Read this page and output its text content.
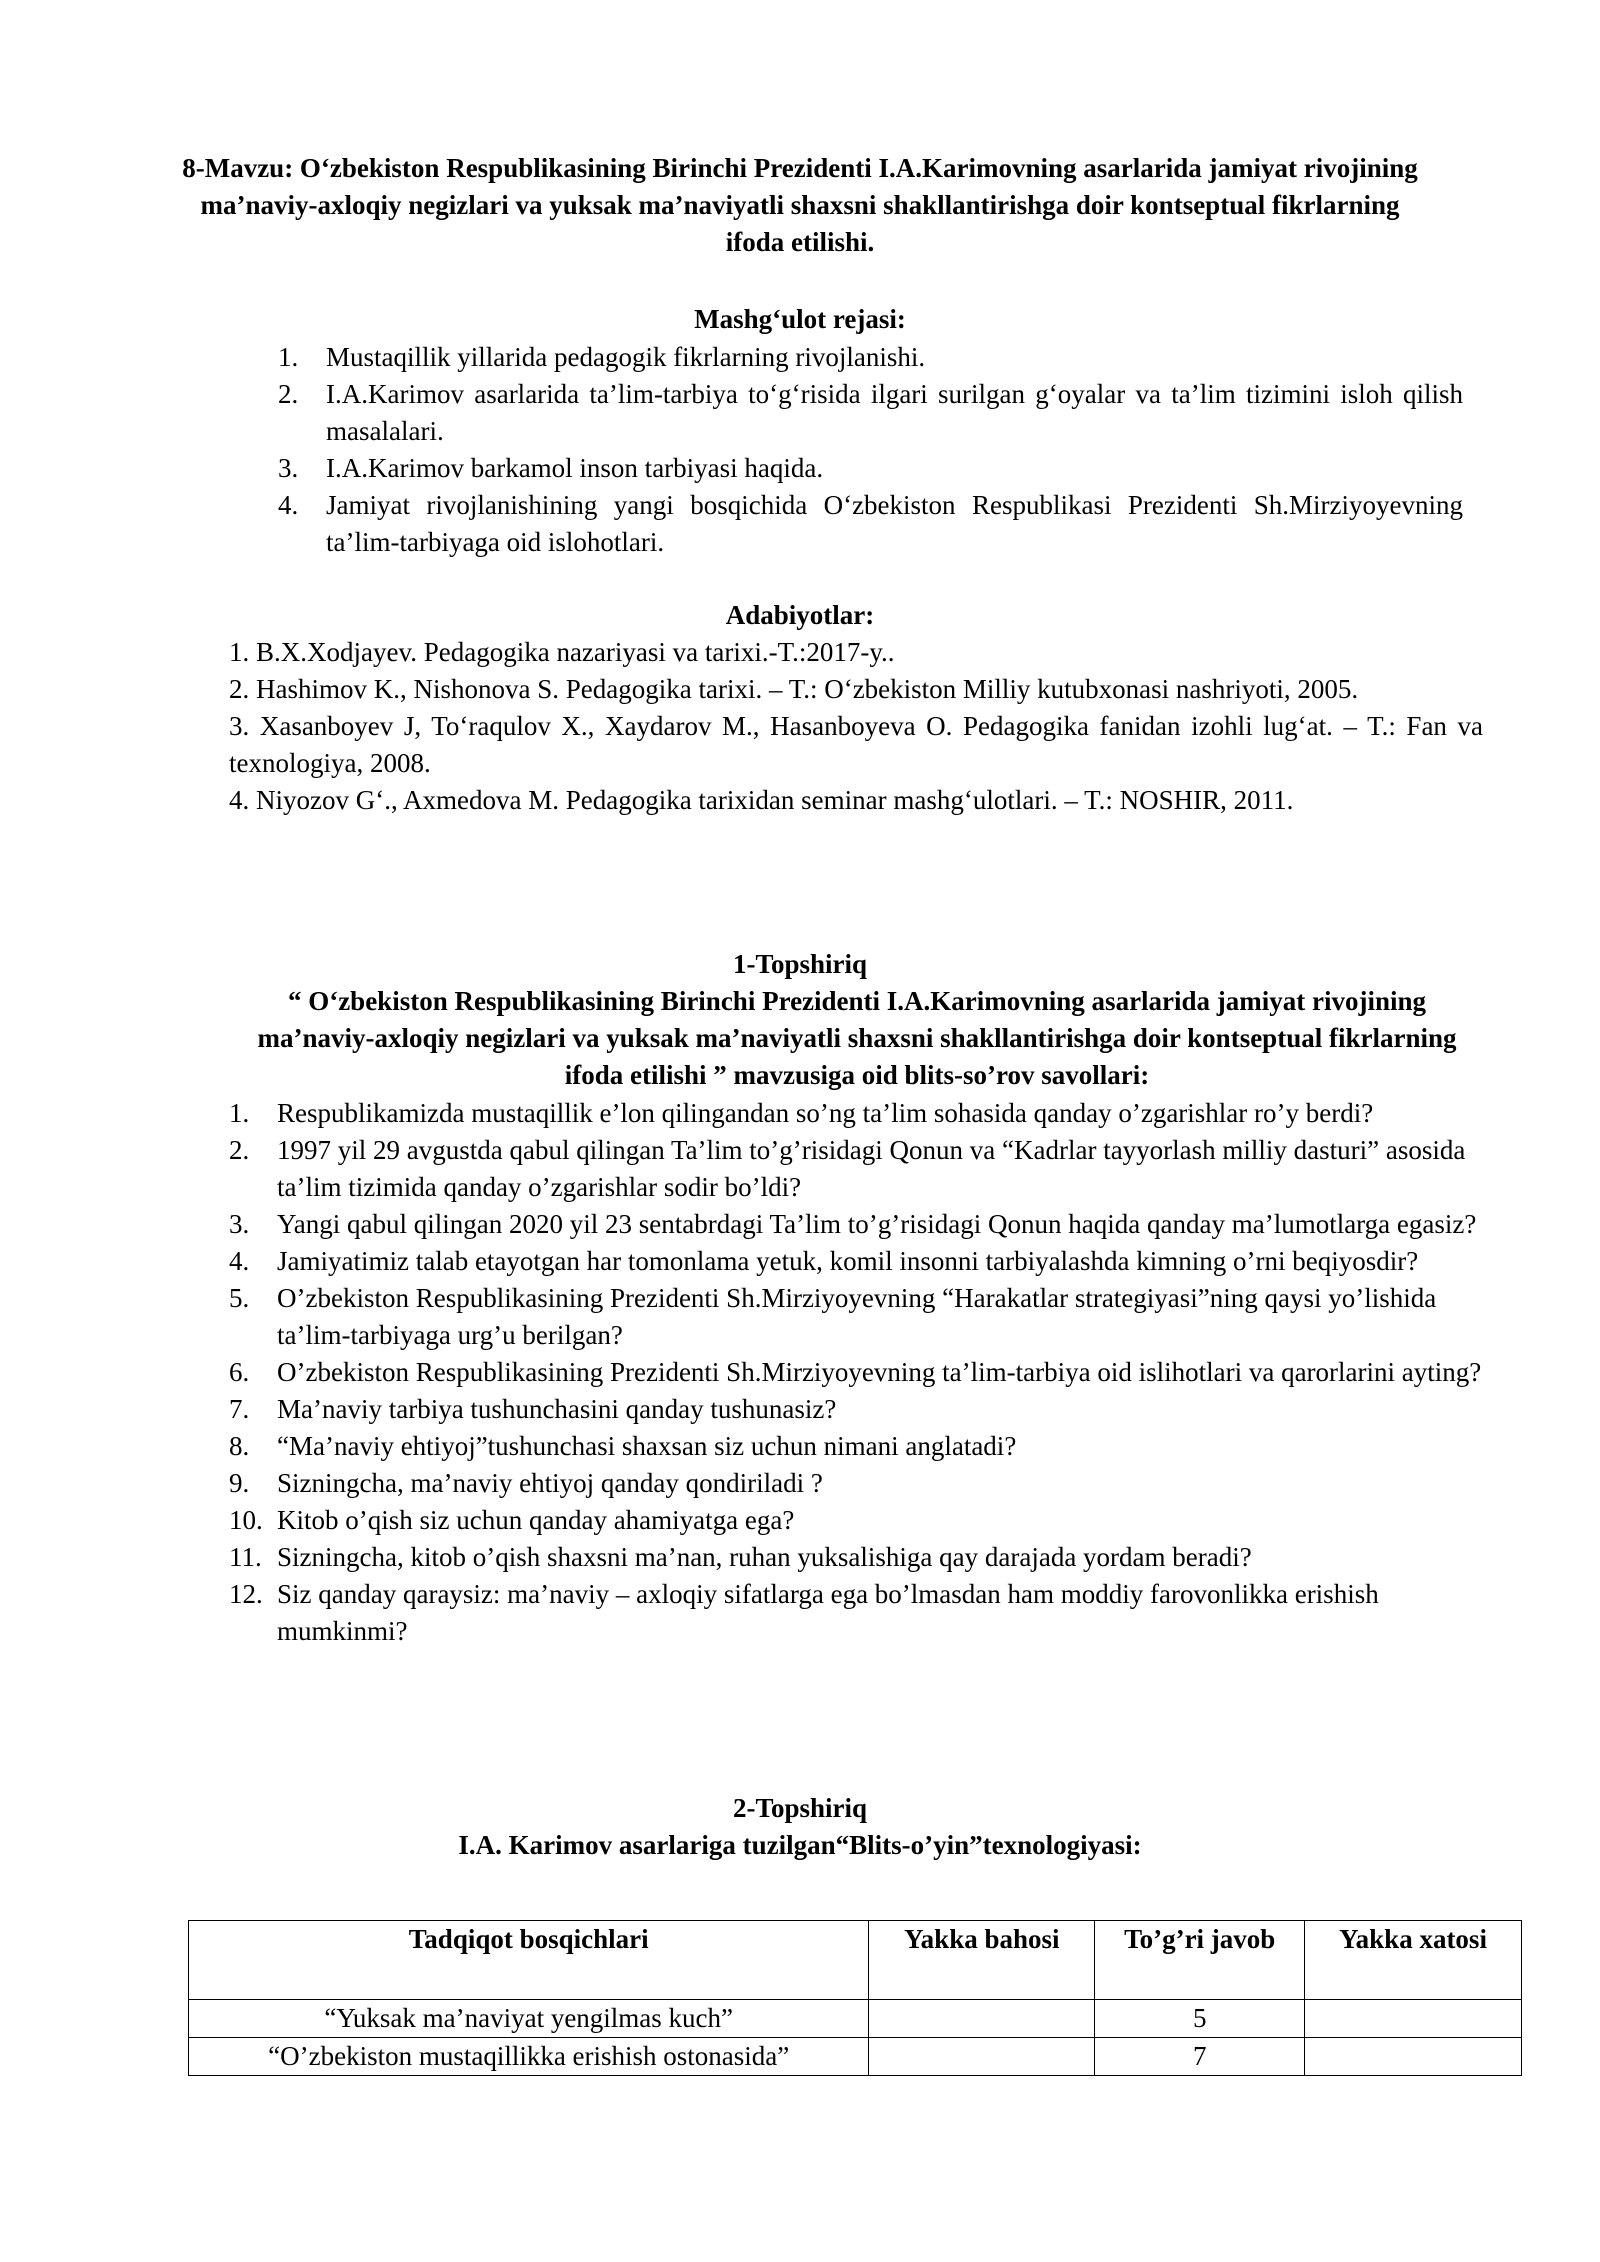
8-Mavzu: O‘zbekiston Respublikasining Birinchi Prezidenti I.A.Karimovning asarlarida jamiyat rivojining ma’naviy-axloqiy negizlari va yuksak ma’naviyatli shaxsni shakllantirishga doir kontseptual fikrlarning ifoda etilishi.
Mashg‘ulot rejasi:
1. Mustaqillik yillarida pedagogik fikrlarning rivojlanishi.
2. I.A.Karimov asarlarida ta’lim-tarbiya to‘g‘risida ilgari surilgan g‘oyalar va ta’lim tizimini isloh qilish masalalari.
3. I.A.Karimov barkamol inson tarbiyasi haqida.
4. Jamiyat rivojlanishining yangi bosqichida O‘zbekiston Respublikasi Prezidenti Sh.Mirziyoyevning ta’lim-tarbiyaga oid islohotlari.
Adabiyotlar:

1. B.X.Xodjayev. Pedagogika nazariyasi va tarixi.-T.:2017-y..

2. Hashimov K., Nishonova S. Pedagogika tarixi. – T.: O‘zbekiston Milliy kutubxonasi nashriyoti, 2005.

3. Xasanboyev J, To‘raqulov X., Xaydarov M., Hasanboyeva O. Pedagogika fanidan izohli lug‘at. – T.: Fan va texnologiya, 2008.

4. Niyozov G‘., Axmedova M. Pedagogika tarixidan seminar mashg‘ulotlari. – T.: NOSHIR, 2011.

1-Topshiriq
“ O‘zbekiston Respublikasining Birinchi Prezidenti I.A.Karimovning asarlarida jamiyat rivojining ma’naviy-axloqiy negizlari va yuksak ma’naviyatli shaxsni shakllantirishga doir kontseptual fikrlarning ifoda etilishi ” mavzusiga oid blits-so’rov savollari:
1.	Respublikamizda mustaqillik e’lon qilingandan so’ng ta’lim sohasida qanday o’zgarishlar ro’y berdi?
2.	1997 yil 29 avgustda qabul qilingan Ta’lim to’g’risidagi Qonun va “Kadrlar tayyorlash milliy dasturi” asosida ta’lim tizimida qanday o’zgarishlar sodir bo’ldi?
3.	Yangi qabul qilingan 2020 yil 23 sentabrdagi Ta’lim to’g’risidagi Qonun haqida qanday ma’lumotlarga egasiz?
4.	Jamiyatimiz talab etayotgan har tomonlama yetuk, komil insonni tarbiyalashda kimning o’rni beqiyosdir?
5.	O’zbekiston Respublikasining Prezidenti Sh.Mirziyoyevning “Harakatlar strategiyasi”ning qaysi yo’lishida ta’lim-tarbiyaga urg’u berilgan?
6.	O’zbekiston Respublikasining Prezidenti Sh.Mirziyoyevning ta’lim-tarbiya oid islihotlari va qarorlarini ayting?
7.	Ma’naviy tarbiya tushunchasini qanday tushunasiz?
8.	“Ma’naviy ehtiyoj”tushunchasi shaxsan siz uchun nimani anglatadi?
9.	Sizningcha, ma’naviy ehtiyoj qanday qondiriladi ?
10. Kitob o’qish siz uchun qanday ahamiyatga ega?
11. Sizningcha, kitob o’qish shaxsni ma’nan, ruhan yuksalishiga qay darajada yordam beradi?
12. Siz qanday qaraysiz: ma’naviy – axloqiy sifatlarga ega bo’lmasdan ham moddiy farovonlikka erishish mumkinmi?
2-Topshiriq
I.A. Karimov asarlariga tuzilgan“Blits-o’yin”texnologiyasi:
Tadqiqot bosqichlari	Yakka bahosi	To’g’ri javob	Yakka xatosi
“Yuksak ma’naviyat yengilmas kuch”		5	
“O’zbekiston mustaqillikka erishish ostonasida”		7	
